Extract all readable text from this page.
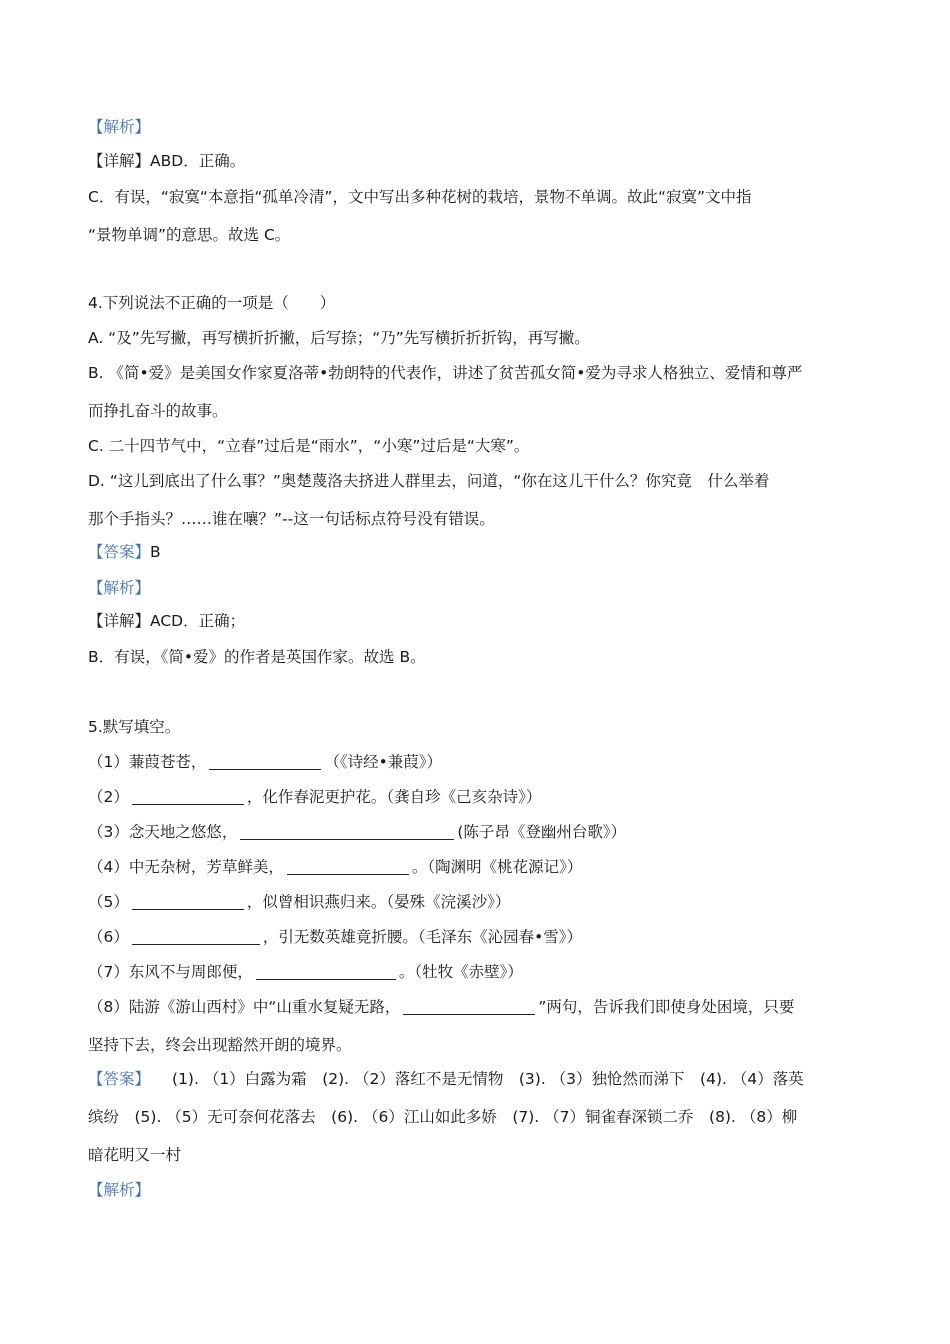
【解析】
【详解】ABD．正确。
C．有误，“寂寞“本意指“孤单冷清”，文中写出多种花树的栽培，景物不单调。故此“寂寞”文中指
“景物单调”的意思。故选 C。
4.下列说法不正确的一项是（　　）
A. “及”先写撇，再写横折折撇，后写捺；“乃”先写横折折折钩，再写撇。
B. 《简•爱》是美国女作家夏洛蒂•勃朗特的代表作，讲述了贫苦孤女简•爱为寻求人格独立、爱情和尊严
而挣扎奋斗的故事。
C. 二十四节气中，“立春”过后是“雨水”，“小寒”过后是“大寒”。
D. “这儿到底出了什么事？”奥楚蔑洛夫挤进人群里去，问道，“你在这儿干什么？你究竟　什么举着
那个手指头？……谁在嚷？”--这一句话标点符号没有错误。
【答案】B
【解析】
【详解】ACD．正确；
B．有误，《简•爱》的作者是英国作家。故选 B。
5.默写填空。
（1）蒹葭苍苍，	（《诗经•兼葭》）
（2）	，化作春泥更护花。（龚自珍《己亥杂诗》）
（3）念天地之悠悠，	(陈子昂《登幽州台歌》）
（4）中无杂树，芳草鲜美，	。（陶渊明《桃花源记》）
（5）	，似曾相识燕归来。（晏殊《浣溪沙》）
（6）	，引无数英雄竟折腰。（毛泽东《沁园春•雪》）
（7）东风不与周郎便，	。（牡牧《赤壁》）
（8）陆游《游山西村》中“山重水复疑无路，	”两句，告诉我们即使身处困境，只要
坚持下去，终会出现豁然开朗的境界。
【答案】 (1). （1）白露为霜　(2). （2）落红不是无情物　(3). （3）独怆然而涕下　(4). （4）落英
缤纷　(5). （5）无可奈何花落去　(6). （6）江山如此多娇　(7). （7）铜雀春深锁二乔　(8). （8）柳
暗花明又一村
【解析】
